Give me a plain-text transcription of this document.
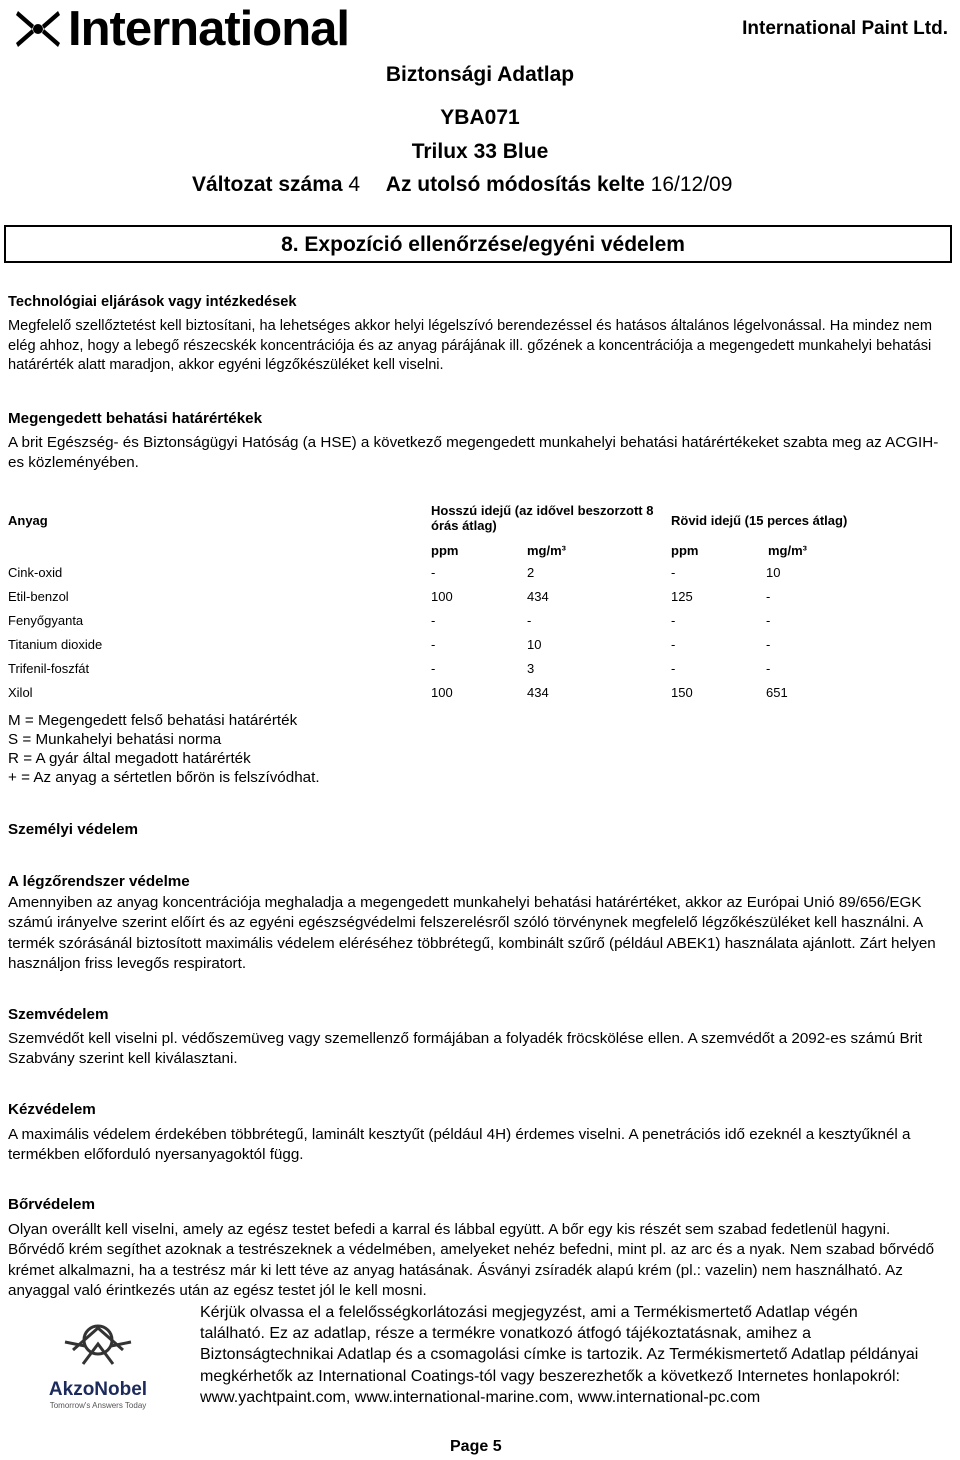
International	International Paint Ltd.
Biztonsági Adatlap
YBA071
Trilux 33 Blue
Változat száma 4 Az utolsó módosítás kelte 16/12/09
8. Expozíció ellenőrzése/egyéni védelem
Technológiai eljárások vagy intézkedések
Megfelelő szellőztetést kell biztosítani, ha lehetséges akkor helyi légelszívó berendezéssel és hatásos általános légelvonással. Ha mindez nem elég ahhoz, hogy a lebegő részecskék koncentrációja és az anyag párájának ill. gőzének a koncentrációja a megengedett munkahelyi behatási határérték alatt maradjon, akkor egyéni légzőkészüléket kell viselni.
Megengedett behatási határértékek
A brit Egészség- és Biztonságügyi Hatóság (a HSE) a következő megengedett munkahelyi behatási határértékeket szabta meg az ACGIH-es közleményében.
Anyag
Hosszú idejű (az idővel beszorzott 8 órás átlag)	Rövid idejű (15 perces átlag)
ppm	mg/m³	ppm	mg/m³
Cink-oxid	-	2	-	10
Etil-benzol	100	434	125	-
Fenyőgyanta	-	-	-	-
Titanium dioxide	-	10	-	-
Trifenil-foszfát	-	3	-	-
Xilol	100	434	150	651
M = Megengedett felső behatási határérték
S = Munkahelyi behatási norma
R = A gyár által megadott határérték
+ = Az anyag a sértetlen bőrön is felszívódhat.
Személyi védelem
A légzőrendszer védelme
Amennyiben az anyag koncentrációja meghaladja a megengedett munkahelyi behatási határértéket, akkor az Európai Unió 89/656/EGK számú irányelve szerint előírt és az egyéni egészségvédelmi felszerelésről szóló törvénynek megfelelő légzőkészüléket kell használni. A termék szórásánál biztosított maximális védelem eléréséhez többrétegű, kombinált szűrő (például ABEK1) használata ajánlott. Zárt helyen használjon friss levegős respiratort.
Szemvédelem
Szemvédőt kell viselni pl. védőszemüveg vagy szemellenző formájában a folyadék fröcskölése ellen. A szemvédőt a 2092-es számú Brit Szabvány szerint kell kiválasztani.
Kézvédelem
A maximális védelem érdekében többrétegű, laminált kesztyűt (például 4H) érdemes viselni. A penetrációs idő ezeknél a kesztyűknél a termékben előforduló nyersanyagoktól függ.
Bőrvédelem
Olyan overállt kell viselni, amely az egész testet befedi a karral és lábbal együtt. A bőr egy kis részét sem szabad fedetlenül hagyni. Bőrvédő krém segíthet azoknak a testrészeknek a védelmében, amelyeket nehéz befedni, mint pl. az arc és a nyak. Nem szabad bőrvédő krémet alkalmazni, ha a testrész már ki lett téve az anyag hatásának. Ásványi zsíradék alapú krém (pl.: vazelin) nem használható. Az anyaggal való érintkezés után az egész testet jól le kell mosni.
AkzoNobel
Tomorrow's Answers Today
Kérjük olvassa el a felelősségkorlátozási megjegyzést, ami a Termékismertető Adatlap végén található. Ez az adatlap, része a termékre vonatkozó átfogó tájékoztatásnak, amihez a Biztonságtechnikai Adatlap és a csomagolási címke is tartozik. Az Termékismertető Adatlap példányai megkérhetők az International Coatings-tól vagy beszerezhetők a következő Internetes honlapokról: www.yachtpaint.com, www.international-marine.com, www.international-pc.com
Page 5
